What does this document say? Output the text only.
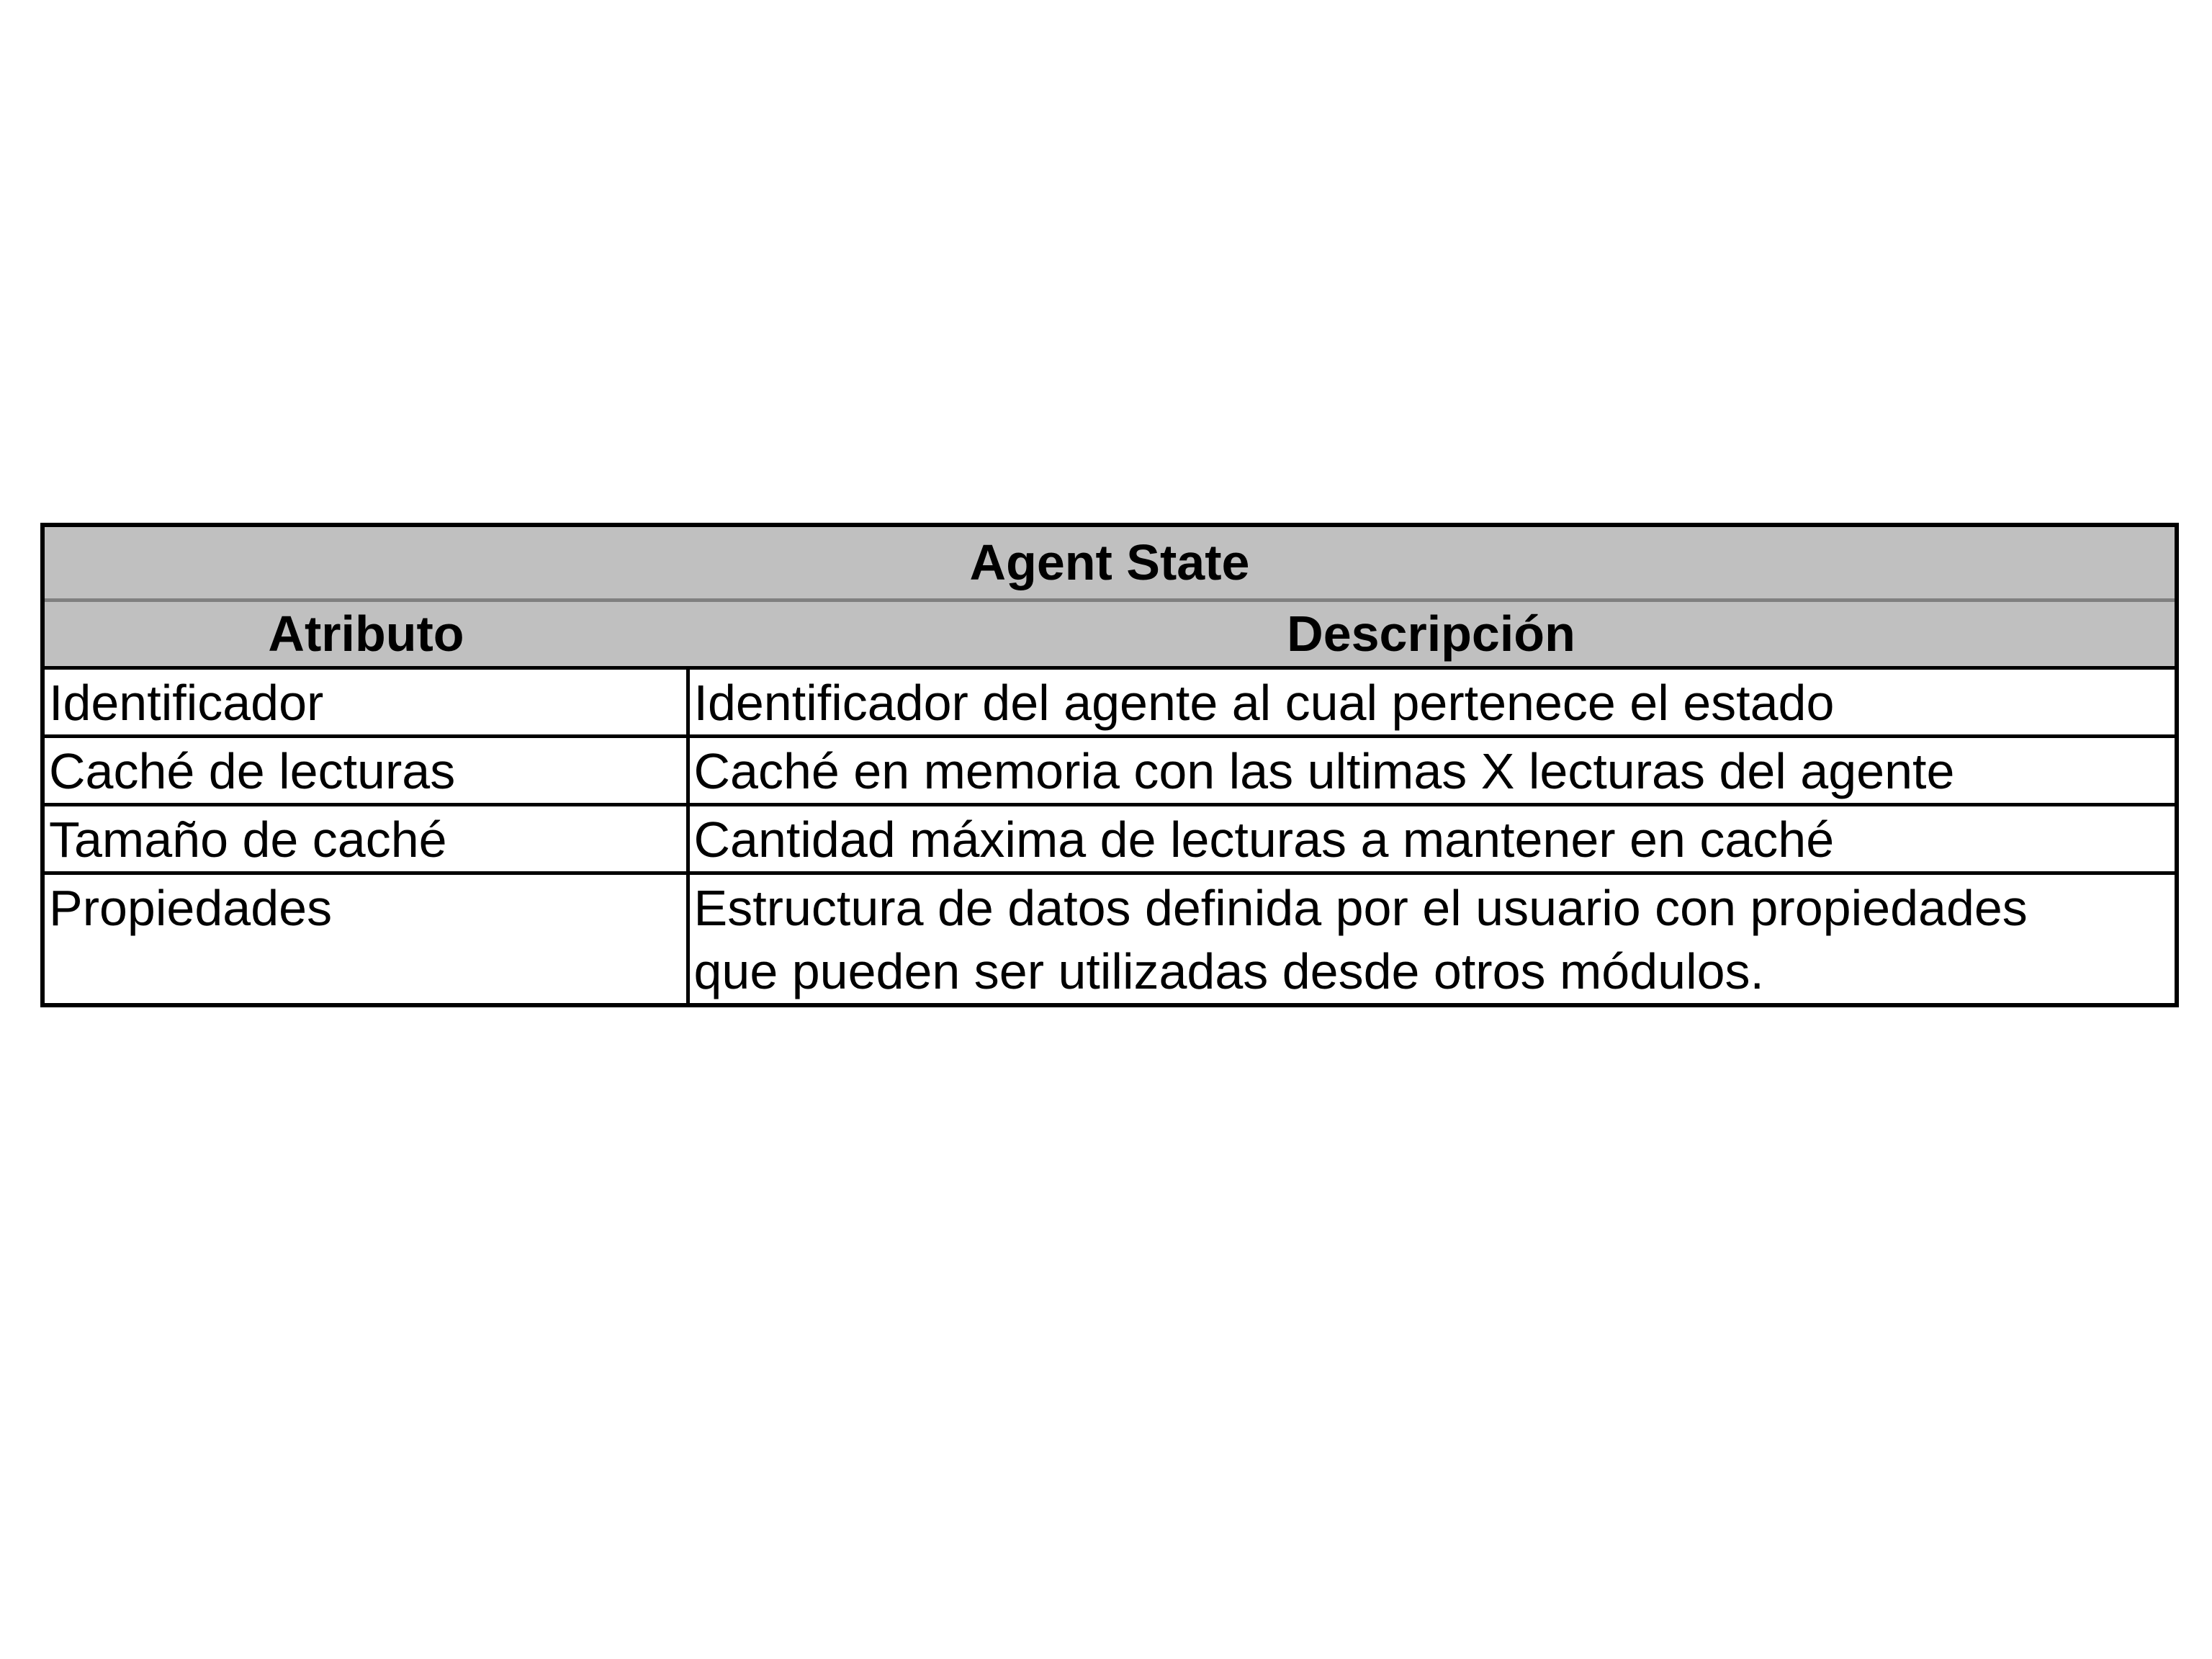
Agent State	
Atributo	Descripción
Identificador	Identificador del agente al cual pertenece el estado
Caché de lecturas	Caché en memoria con las ultimas X lecturas del agente
Tamaño de caché	Cantidad máxima de lecturas a mantener en caché
Propiedades	Estructura de datos definida por el usuario con propiedades
que pueden ser utilizadas desde otros módulos.
